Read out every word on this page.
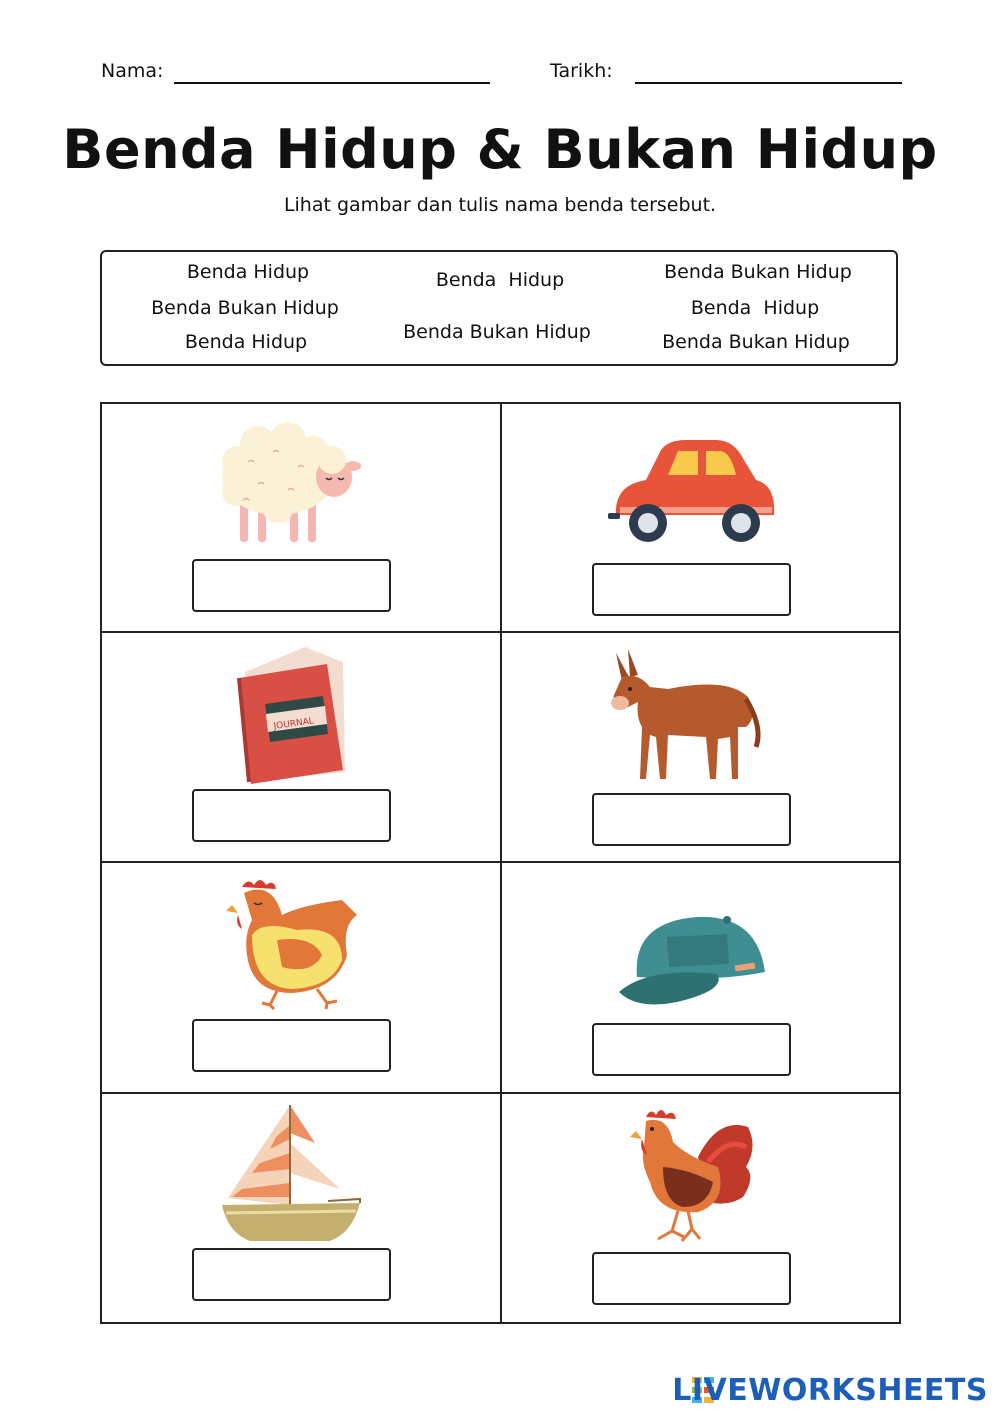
Nama:	Tarikh:
Benda Hidup & Bukan Hidup
Lihat gambar dan tulis nama benda tersebut.
Benda Hidup
Benda Bukan Hidup
Benda Hidup
Benda  Hidup
Benda Bukan Hidup
Benda Bukan Hidup
Benda  Hidup
Benda Bukan Hidup
JOURNAL
LIVEWORKSHEETS
